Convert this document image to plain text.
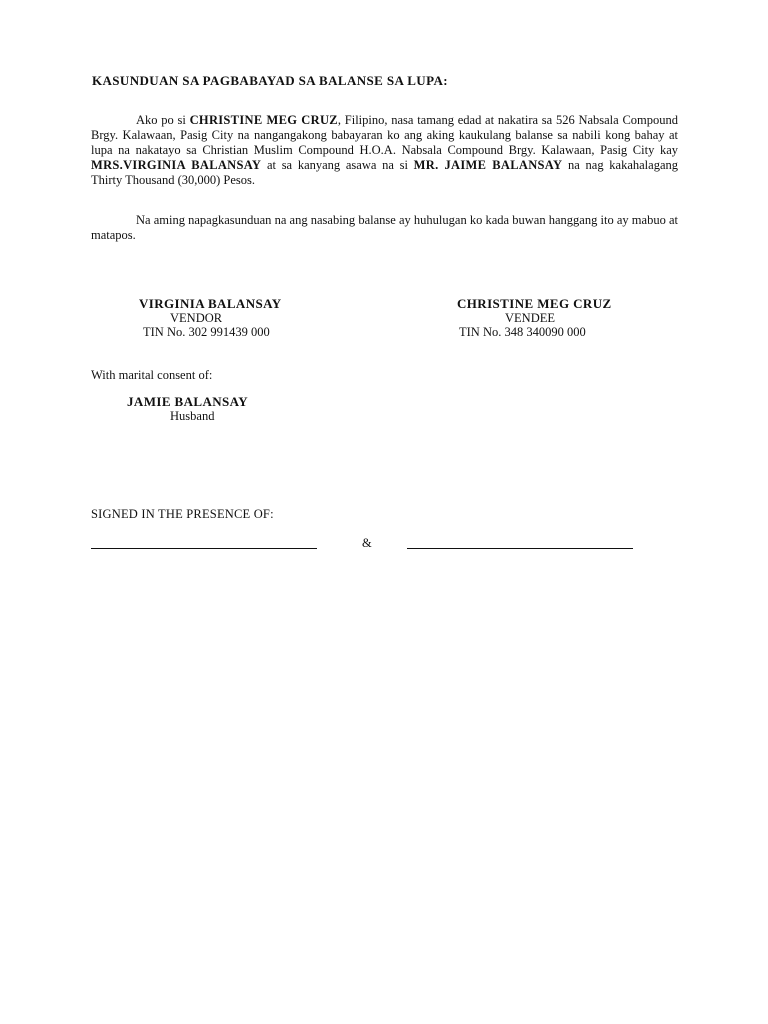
KASUNDUAN SA PAGBABAYAD SA BALANSE SA LUPA:
Ako po si CHRISTINE MEG CRUZ, Filipino, nasa tamang edad at nakatira sa 526 Nabsala Compound Brgy. Kalawaan, Pasig City na nangangakong babayaran ko ang aking kaukulang balanse sa nabili kong bahay at lupa na nakatayo sa Christian Muslim Compound H.O.A. Nabsala Compound Brgy. Kalawaan, Pasig City kay MRS.VIRGINIA BALANSAY at sa kanyang asawa na si MR. JAIME BALANSAY na nag kakahalagang Thirty Thousand (30,000) Pesos.
Na aming napagkasunduan na ang nasabing balanse ay huhulugan ko kada buwan hanggang ito ay mabuo at matapos.
VIRGINIA BALANSAY
VENDOR
TIN No. 302 991439 000
CHRISTINE MEG CRUZ
VENDEE
TIN No. 348 340090 000
With marital consent of:
JAMIE BALANSAY
Husband
SIGNED IN THE PRESENCE OF:
&
